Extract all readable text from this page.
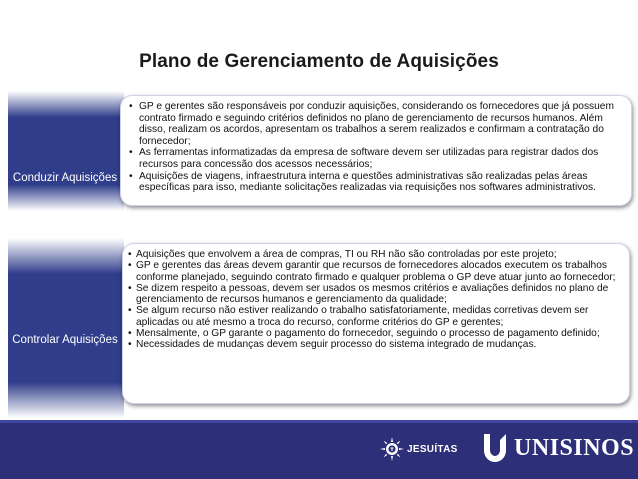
Plano de Gerenciamento de Aquisições
Conduzir Aquisições
• GP e gerentes são responsáveis por conduzir aquisições, considerando os fornecedores que já possuem contrato firmado e seguindo critérios definidos no plano de gerenciamento de recursos humanos. Além disso, realizam os acordos, apresentam os trabalhos a serem realizados e confirmam a contratação do fornecedor;
• As ferramentas informatizadas da empresa de software devem ser utilizadas para registrar dados dos recursos para concessão dos acessos necessários;
• Aquisições de viagens, infraestrutura interna e questões administrativas são realizadas pelas áreas específicas para isso, mediante solicitações realizadas via requisições nos softwares administrativos.
Controlar Aquisições
• Aquisições que envolvem a área de compras, TI ou RH não são controladas por este projeto;
• GP e gerentes das áreas devem garantir que recursos de fornecedores alocados executem os trabalhos conforme planejado, seguindo contrato firmado e qualquer problema o GP deve atuar junto ao fornecedor;
• Se dizem respeito a pessoas, devem ser usados os mesmos critérios e avaliações definidos no plano de gerenciamento de recursos humanos e gerenciamento da qualidade;
• Se algum recurso não estiver realizando o trabalho satisfatoriamente, medidas corretivas devem ser aplicadas ou até mesmo a troca do recurso, conforme critérios do GP e gerentes;
• Mensalmente, o GP garante o pagamento do fornecedor, seguindo o processo de pagamento definido;
• Necessidades de mudanças devem seguir processo do sistema integrado de mudanças.
JESUÍTAS UNISINOS
